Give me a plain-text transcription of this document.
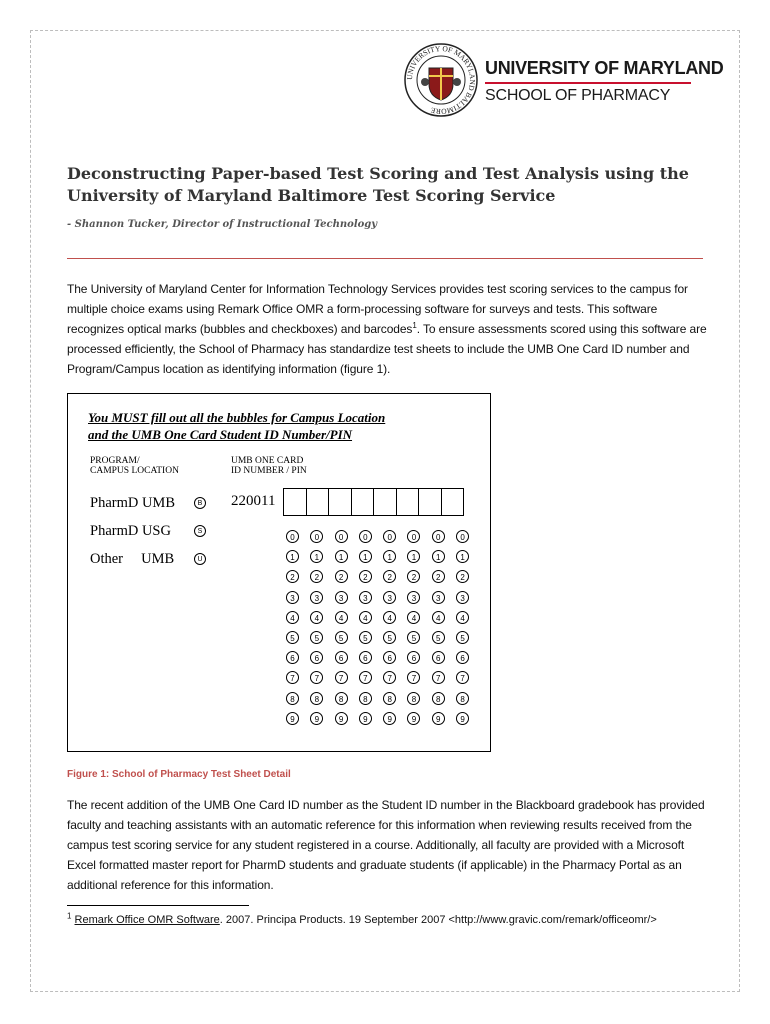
UNIVERSITY OF MARYLAND BALTIMORE
UNIVERSITY OF MARYLAND
SCHOOL OF PHARMACY
Deconstructing Paper-based Test Scoring and Test Analysis using the University of Maryland Baltimore Test Scoring Service
- Shannon Tucker, Director of Instructional Technology

The University of Maryland Center for Information Technology Services provides test scoring services to the campus for multiple choice exams using Remark Office OMR a form-processing software for surveys and tests. This software recognizes optical marks (bubbles and checkboxes) and barcodes$^1$. To ensure assessments scored using this software are processed efficiently, the School of Pharmacy has standardize test sheets to include the UMB One Card ID number and Program/Campus location as identifying information (figure 1).

You MUST fill out all the bubbles for Campus Location
and the UMB One Card Student ID Number/PIN
PROGRAM/
CAMPUS LOCATION
UMB ONE CARD
ID NUMBER / PIN
PharmD UMB	B
PharmD USG	S
Other     UMB	U
220011
0	0	0	0	0	0	0	0
1	1	1	1	1	1	1	1
2	2	2	2	2	2	2	2
3	3	3	3	3	3	3	3
4	4	4	4	4	4	4	4
5	5	5	5	5	5	5	5
6	6	6	6	6	6	6	6
7	7	7	7	7	7	7	7
8	8	8	8	8	8	8	8
9	9	9	9	9	9	9	9
Figure 1: School of Pharmacy Test Sheet Detail

The recent addition of the UMB One Card ID number as the Student ID number in the Blackboard gradebook has provided faculty and teaching assistants with an automatic reference for this information when reviewing results received from the campus test scoring service for any student registered in a course. Additionally, all faculty are provided with a Microsoft Excel formatted master report for PharmD students and graduate students (if applicable) in the Pharmacy Portal as an additional reference for this information.

$^1$ Remark Office OMR Software. 2007. Principa Products. 19 September 2007 <http://www.gravic.com/remark/officeomr/>
